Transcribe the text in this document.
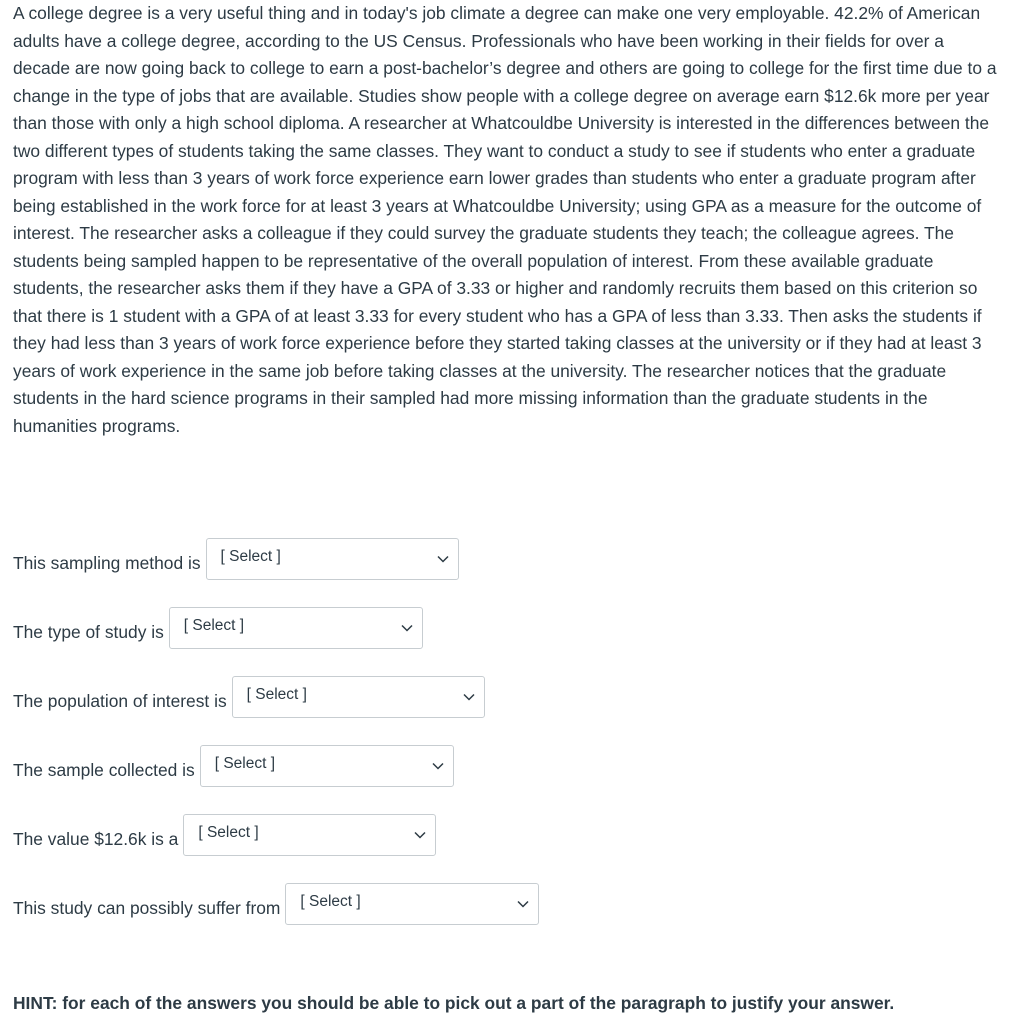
A college degree is a very useful thing and in today's job climate a degree can make one very employable. 42.2% of American adults have a college degree, according to the US Census. Professionals who have been working in their fields for over a decade are now going back to college to earn a post-bachelor’s degree and others are going to college for the first time due to a change in the type of jobs that are available. Studies show people with a college degree on average earn $12.6k more per year than those with only a high school diploma. A researcher at Whatcouldbe University is interested in the differences between the two different types of students taking the same classes. They want to conduct a study to see if students who enter a graduate program with less than 3 years of work force experience earn lower grades than students who enter a graduate program after being established in the work force for at least 3 years at Whatcouldbe University; using GPA as a measure for the outcome of interest. The researcher asks a colleague if they could survey the graduate students they teach; the colleague agrees. The students being sampled happen to be representative of the overall population of interest. From these available graduate students, the researcher asks them if they have a GPA of 3.33 or higher and randomly recruits them based on this criterion so that there is 1 student with a GPA of at least 3.33 for every student who has a GPA of less than 3.33. Then asks the students if they had less than 3 years of work force experience before they started taking classes at the university or if they had at least 3 years of work experience in the same job before taking classes at the university. The researcher notices that the graduate students in the hard science programs in their sampled had more missing information than the graduate students in the humanities programs.

This sampling method is [ Select ]
The type of study is [ Select ]
The population of interest is [ Select ]
The sample collected is [ Select ]
The value $12.6k is a [ Select ]
This study can possibly suffer from [ Select ]

HINT: for each of the answers you should be able to pick out a part of the paragraph to justify your answer.
